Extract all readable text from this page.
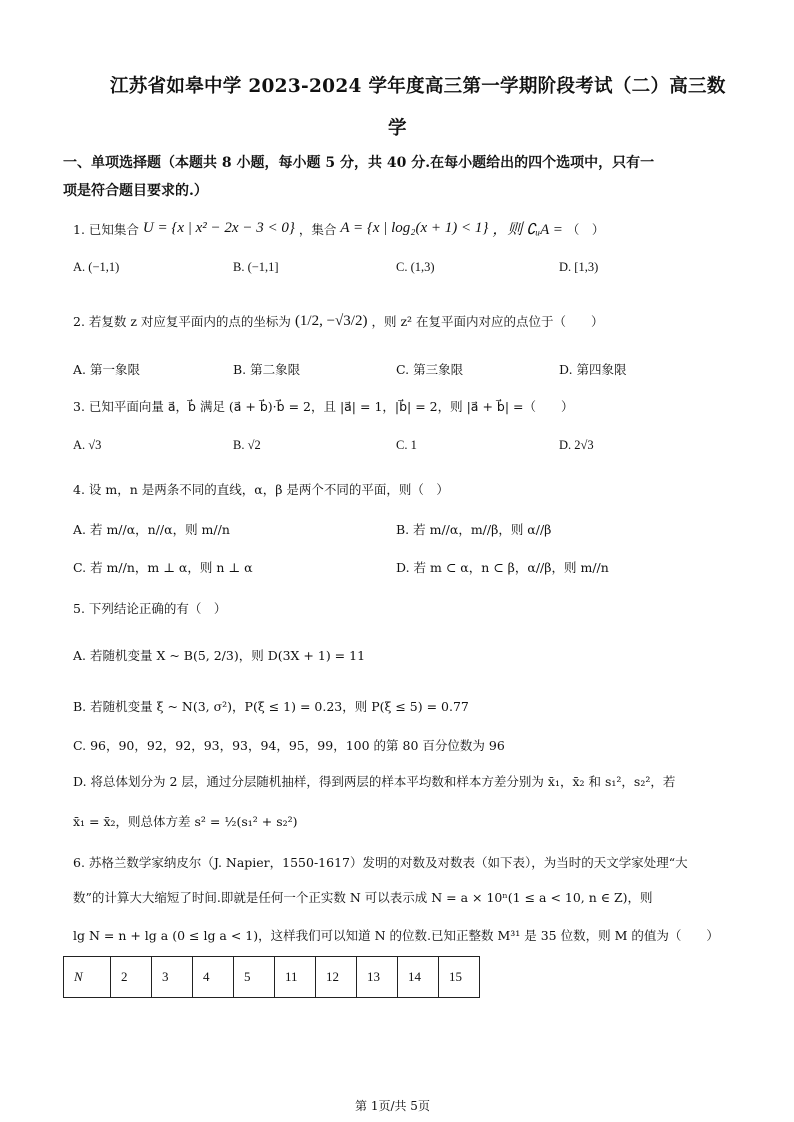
江苏省如皋中学 2023-2024 学年度高三第一学期阶段考试（二）高三数
学
一、单项选择题（本题共 8 小题，每小题 5 分，共 40 分.在每小题给出的四个选项中，只有一
项是符合题目要求的.）
1. 已知集合 U = {x | x² − 2x − 3 < 0} ，集合 A = {x | log₂(x + 1) < 1} ，则 ∁ᵤA = （　）
A. (−1,1)	B. (−1,1]	C. (1,3)	D. [1,3)
2. 若复数 z 对应复平面内的点的坐标为 (1/2, −√3/2) ，则 z² 在复平面内对应的点位于（　　）
A. 第一象限	B. 第二象限	C. 第三象限	D. 第四象限
3. 已知平面向量 a⃗，b⃗ 满足 (a⃗ + b⃗)·b⃗ = 2，且 |a⃗| = 1，|b⃗| = 2，则 |a⃗ + b⃗| =（　　）
A. √3	B. √2	C. 1	D. 2√3
4. 设 m，n 是两条不同的直线，α，β 是两个不同的平面，则（　）
A. 若 m//α，n//α，则 m//n	B. 若 m//α，m//β，则 α//β
C. 若 m//n，m ⊥ α，则 n ⊥ α	D. 若 m ⊂ α，n ⊂ β，α//β，则 m//n
5. 下列结论正确的有（　）
A. 若随机变量 X ~ B(5, 2/3)，则 D(3X + 1) = 11
B. 若随机变量 ξ ~ N(3, σ²)，P(ξ ≤ 1) = 0.23，则 P(ξ ≤ 5) = 0.77
C. 96，90，92，92，93，93，94，95，99，100 的第 80 百分位数为 96
D. 将总体划分为 2 层，通过分层随机抽样，得到两层的样本平均数和样本方差分别为 x̄₁，x̄₂ 和 s₁²，s₂²，若
x̄₁ = x̄₂，则总体方差 s² = ½(s₁² + s₂²)
6. 苏格兰数学家纳皮尔（J. Napier，1550-1617）发明的对数及对数表（如下表），为当时的天文学家处理“大
数”的计算大大缩短了时间.即就是任何一个正实数 N 可以表示成 N = a × 10ⁿ(1 ≤ a < 10, n ∈ Z)，则
lg N = n + lg a (0 ≤ lg a < 1)，这样我们可以知道 N 的位数.已知正整数 M³¹ 是 35 位数，则 M 的值为（　　）
N	2	3	4	5	11	12	13	14	15
第 1页/共 5页
